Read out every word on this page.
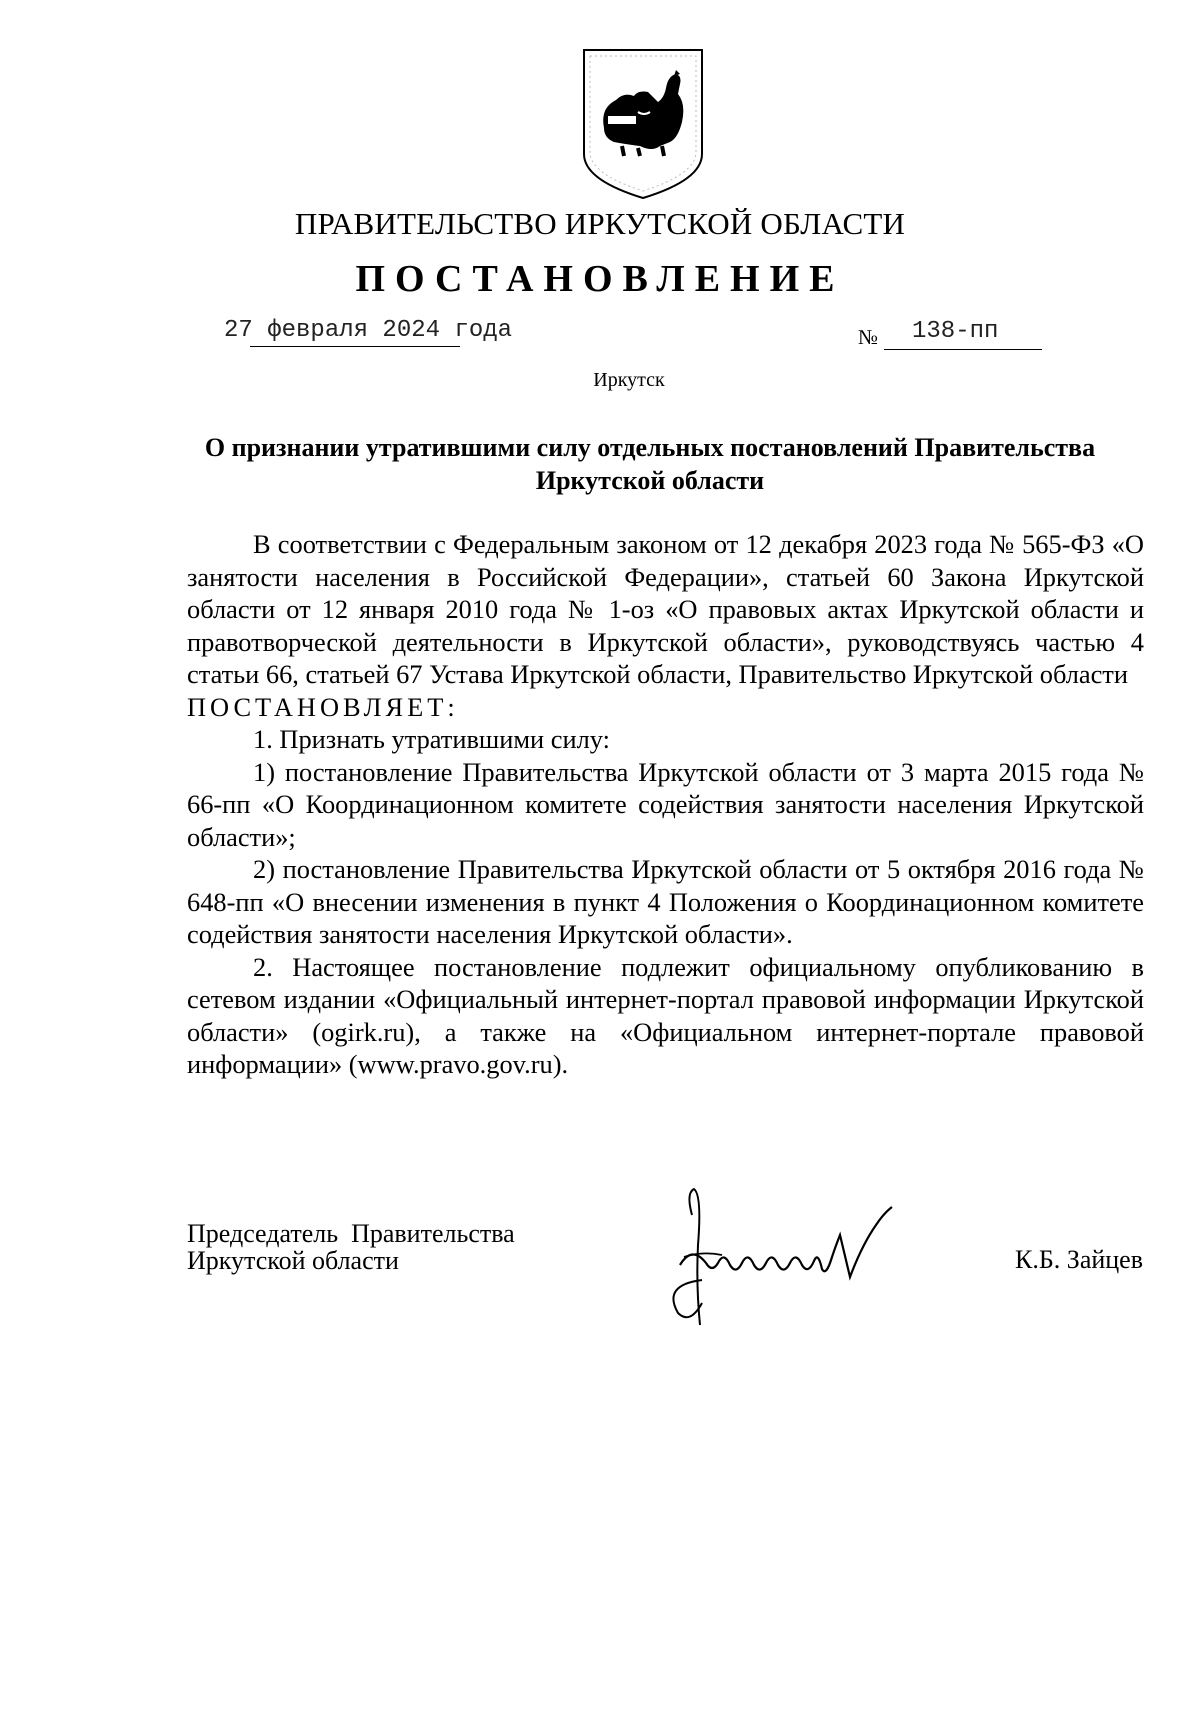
ПРАВИТЕЛЬСТВО ИРКУТСКОЙ ОБЛАСТИ
ПОСТАНОВЛЕНИЕ
27 февраля 2024 года	№ 138-пп
Иркутск
О признании утратившими силу отдельных постановлений Правительства
Иркутской области

В соответствии с Федеральным законом от 12 декабря 2023 года № 565-ФЗ «О занятости населения в Российской Федерации», статьей 60 Закона Иркутской области от 12 января 2010 года № 1-оз «О правовых актах Иркутской области и правотворческой деятельности в Иркутской области», руководствуясь частью 4 статьи 66, статьей 67 Устава Иркутской области, Правительство Иркутской области

ПОСТАНОВЛЯЕТ:

1. Признать утратившими силу:

1) постановление Правительства Иркутской области от 3 марта 2015 года № 66-пп «О Координационном комитете содействия занятости населения Иркутской области»;

2) постановление Правительства Иркутской области от 5 октября 2016 года № 648-пп «О внесении изменения в пункт 4 Положения о Координационном комитете содействия занятости населения Иркутской области».

2. Настоящее постановление подлежит официальному опубликованию в сетевом издании «Официальный интернет-портал правовой информации Иркутской области» (ogirk.ru), а также на «Официальном интернет-портале правовой информации» (www.pravo.gov.ru).

Председатель  Правительства
Иркутской области	К.Б. Зайцев
